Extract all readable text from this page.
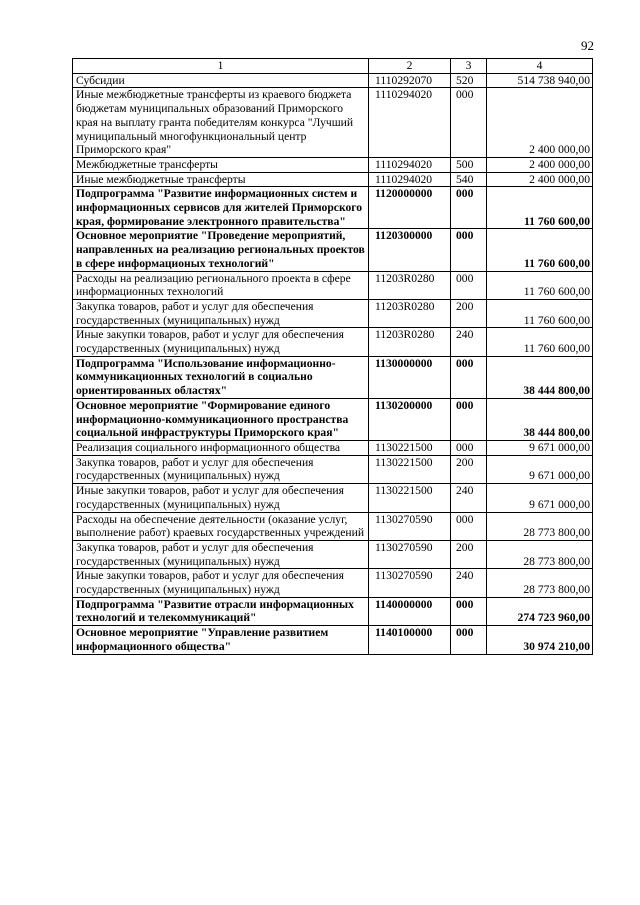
92
1	2	3	4
Субсидии	1110292070	520	514 738 940,00
Иные межбюджетные трансферты из краевого бюджета бюджетам муниципальных образований Приморского края на выплату гранта победителям конкурса "Лучший муниципальный многофункциональный центр Приморского края"	1110294020	000	2 400 000,00
Межбюджетные трансферты	1110294020	500	2 400 000,00
Иные межбюджетные трансферты	1110294020	540	2 400 000,00
Подпрограмма "Развитие информационных систем и информационных сервисов для жителей Приморского края, формирование электронного правительства"	1120000000	000	11 760 600,00
Основное мероприятие "Проведение мероприятий, направленных на реализацию региональных проектов в сфере информационых технологий"	1120300000	000	11 760 600,00
Расходы на реализацию регионального проекта в сфере информационных технологий	11203R0280	000	11 760 600,00
Закупка товаров, работ и услуг для обеспечения государственных (муниципальных) нужд	11203R0280	200	11 760 600,00
Иные закупки товаров, работ и услуг для обеспечения государственных (муниципальных) нужд	11203R0280	240	11 760 600,00
Подпрограмма "Использование информационно-коммуникационных технологий в социально ориентированных областях"	1130000000	000	38 444 800,00
Основное мероприятие "Формирование единого информационно-коммуникационного пространства социальной инфраструктуры Приморского края"	1130200000	000	38 444 800,00
Реализация социального информационного общества	1130221500	000	9 671 000,00
Закупка товаров, работ и услуг для обеспечения государственных (муниципальных) нужд	1130221500	200	9 671 000,00
Иные закупки товаров, работ и услуг для обеспечения государственных (муниципальных) нужд	1130221500	240	9 671 000,00
Расходы на обеспечение деятельности (оказание услуг, выполнение работ) краевых государственных учреждений	1130270590	000	28 773 800,00
Закупка товаров, работ и услуг для обеспечения государственных (муниципальных) нужд	1130270590	200	28 773 800,00
Иные закупки товаров, работ и услуг для обеспечения государственных (муниципальных) нужд	1130270590	240	28 773 800,00
Подпрограмма "Развитие отрасли информационных технологий и телекоммуникаций"	1140000000	000	274 723 960,00
Основное мероприятие "Управление развитием информационного общества"	1140100000	000	30 974 210,00
